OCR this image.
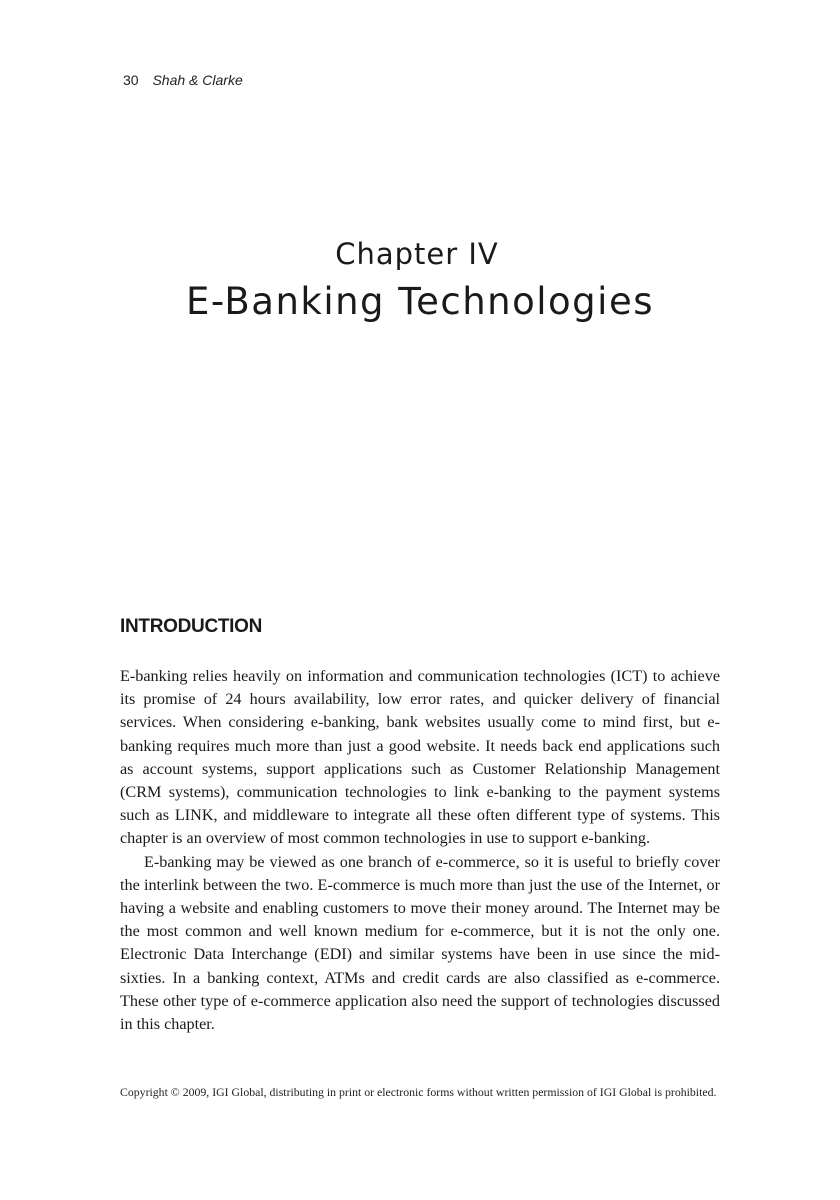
30 Shah & Clarke
Chapter IV
E-Banking Technologies
INTRODUCTION

E-banking relies heavily on information and communication technologies (ICT) to achieve its promise of 24 hours availability, low error rates, and quicker delivery of financial services. When considering e-banking, bank websites usually come to mind first, but e-banking requires much more than just a good website. It needs back end applications such as account systems, support applications such as Customer Relationship Management (CRM systems), communication technologies to link e-banking to the payment systems such as LINK, and middleware to integrate all these often different type of systems. This chapter is an overview of most common technologies in use to support e-banking.

E-banking may be viewed as one branch of e-commerce, so it is useful to briefly cover the interlink between the two. E-commerce is much more than just the use of the Internet, or having a website and enabling customers to move their money around. The Internet may be the most common and well known medium for e-commerce, but it is not the only one. Electronic Data Interchange (EDI) and similar systems have been in use since the mid-sixties. In a banking context, ATMs and credit cards are also classified as e-commerce. These other type of e-commerce application also need the support of technologies discussed in this chapter.

Copyright © 2009, IGI Global, distributing in print or electronic forms without written permission of IGI Global is prohibited.
